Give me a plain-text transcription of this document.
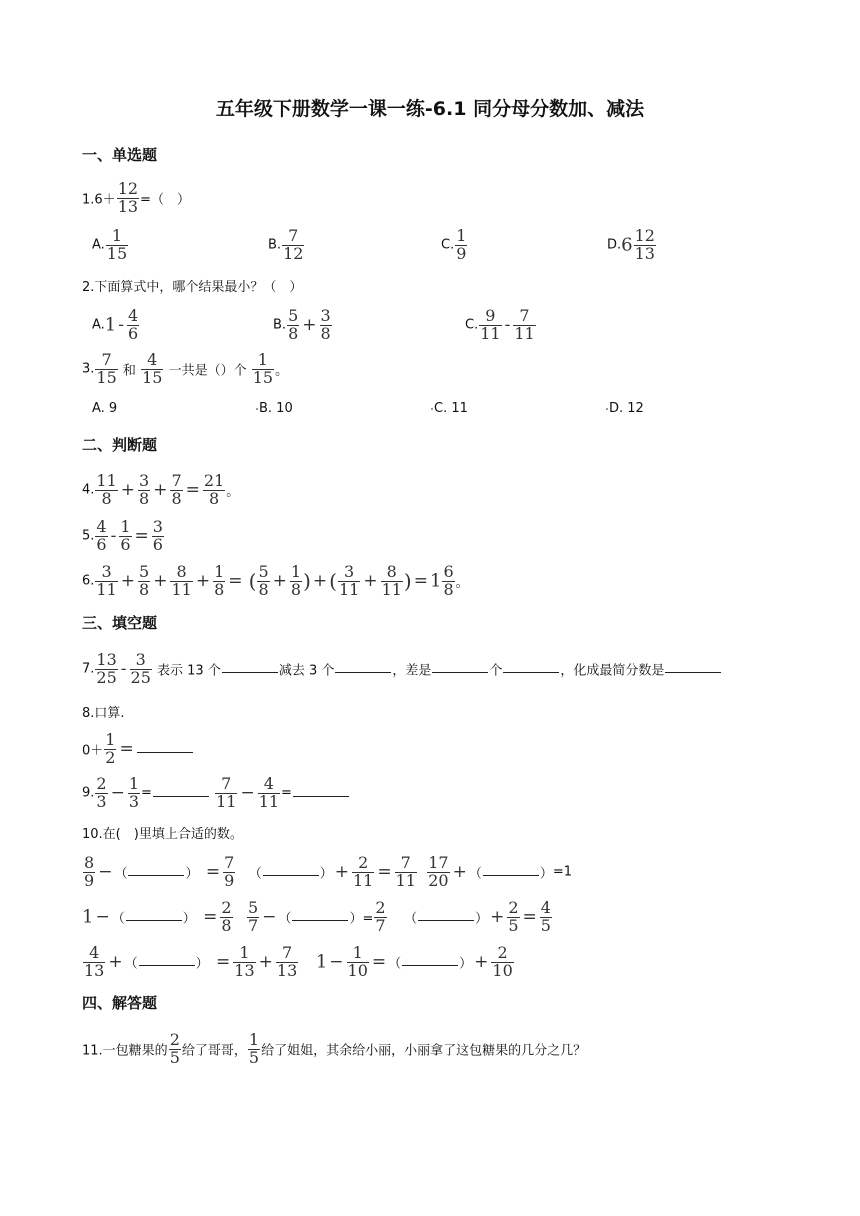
五年级下册数学一课一练-6.1 同分母分数加、减法
一、单选题
$1.6+ \frac{12}{13}$ =（　）
A. $\frac{1}{15}$	B. $\frac{7}{12}$	C. $\frac{1}{9}$	$D.6 \frac{12}{13}$
2.下面算式中，哪个结果最小？（　）
$A.1 - \frac{4}{6}$	B. $\frac{5}{8} + \frac{3}{8}$	C. $\frac{9}{11} - \frac{7}{11}$
3. $\frac{7}{15}$ 和 $\frac{4}{15}$ 一共是（）个 $\frac{1}{15}$ 。
A. 9	B. 10	C. 11	D. 12
二、判断题
4. $\frac{11}{8} + \frac{3}{8} + \frac{7}{8} = \frac{21}{8}$ 。
5. $\frac{4}{6} - \frac{1}{6} = \frac{3}{6}$
6. $\frac{3}{11} + \frac{5}{8} + \frac{8}{11} + \frac{1}{8}$ = ( $\frac{5}{8} + \frac{1}{8}$ ) + ( $\frac{3}{11} + \frac{8}{11}$ ) = $1 \frac{6}{8}$ 。
三、填空题
7. $\frac{13}{25} - \frac{3}{25}$ 表示 13 个	减去 3 个	，差是	个	，化成最简分数是
8.口算.
$0+ \frac{1}{2}$ =
9. $\frac{2}{3} - \frac{1}{3}$ =	$\frac{7}{11} - \frac{4}{11}$ =
10.在(　)里填上合适的数。
$\frac{8}{9}$ − （	） = $\frac{7}{9}$ （	） + $\frac{2}{11} = \frac{7}{11}$
$\frac{17}{20}$ + （	）=1
1 − （	） = $\frac{2}{8}$
$\frac{5}{7}$ − （	）= $\frac{2}{7}$ （	） + $\frac{2}{5} = \frac{4}{5}$
$\frac{4}{13}$ + （	） = $\frac{1}{13} + \frac{7}{13} 1 - \frac{1}{10}$ = （	） + $\frac{2}{10}$
四、解答题
11.一包糖果的 $\frac{2}{5}$ 给了哥哥， $\frac{1}{5}$ 给了姐姐，其余给小丽，小丽拿了这包糖果的几分之几？
